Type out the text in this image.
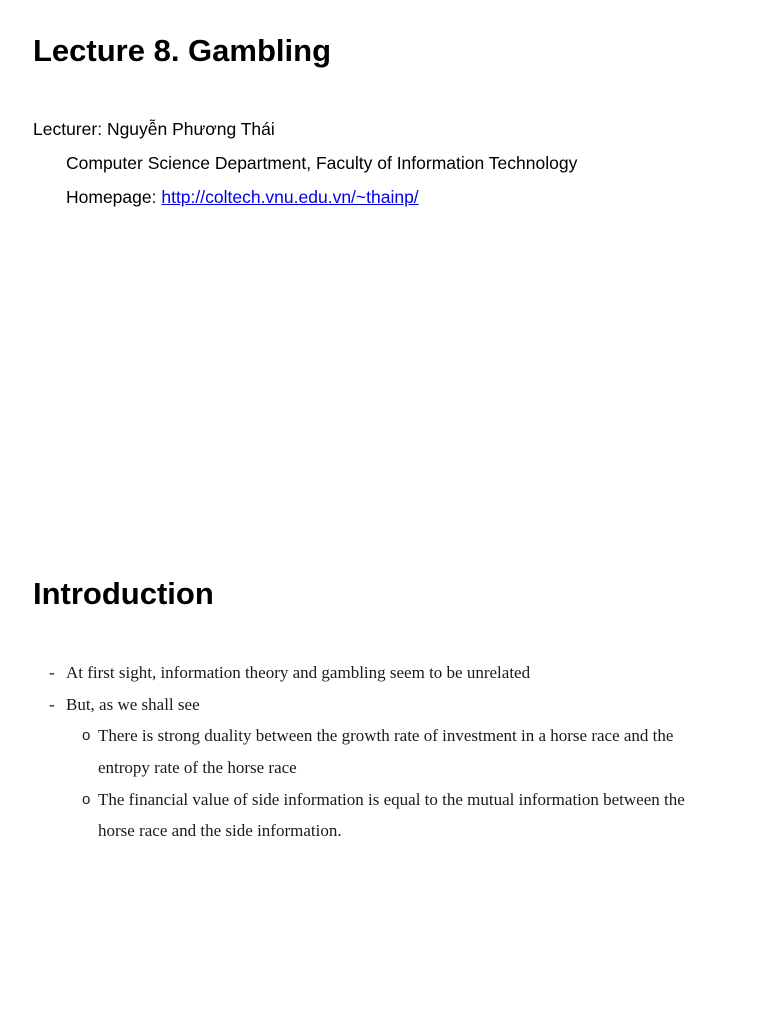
Lecture 8. Gambling
Lecturer: Nguyễn Phương Thái
Computer Science Department, Faculty of Information Technology
Homepage: http://coltech.vnu.edu.vn/~thainp/
Introduction
- At first sight, information theory and gambling seem to be unrelated
- But, as we shall see
o There is strong duality between the growth rate of investment in a horse race and the
entropy rate of the horse race
o The financial value of side information is equal to the mutual information between the
horse race and the side information.
